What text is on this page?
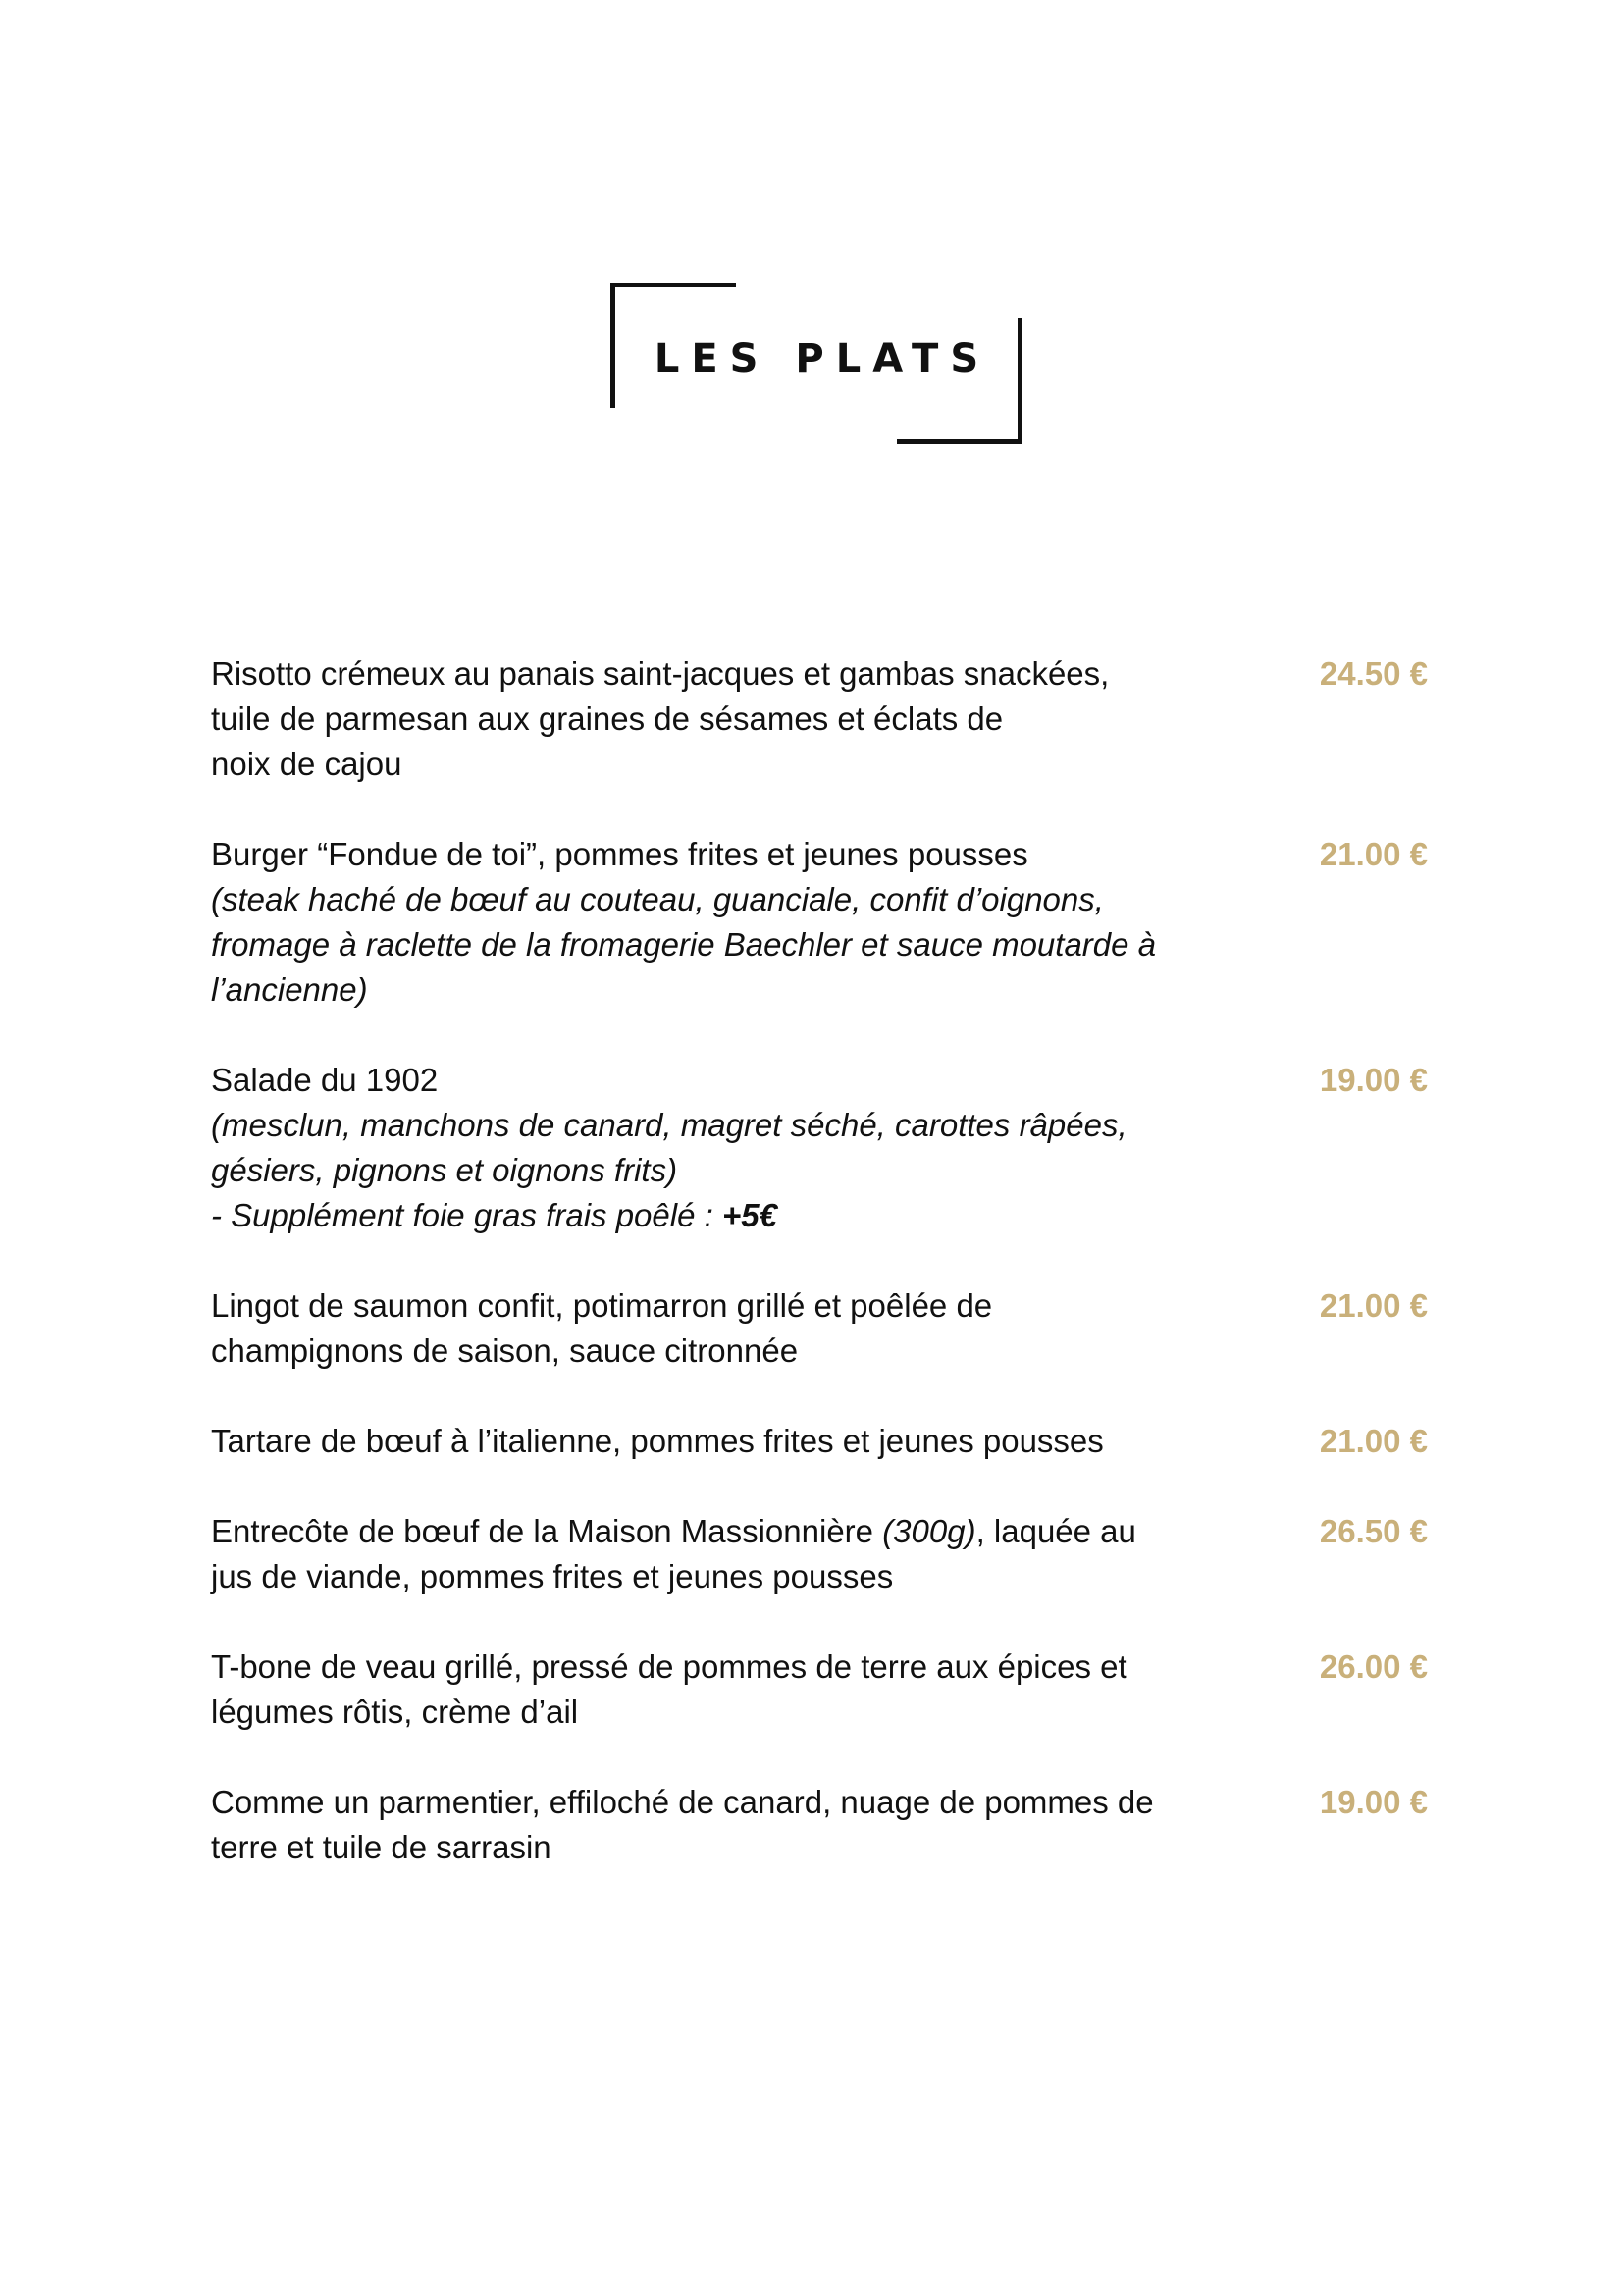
LES PLATS
Risotto crémeux au panais saint-jacques et gambas snackées,
tuile de parmesan aux graines de sésames et éclats de
noix de cajou
24.50 €
Burger “Fondue de toi”, pommes frites et jeunes pousses
(steak haché de bœuf au couteau, guanciale, confit d’oignons,
fromage à raclette de la fromagerie Baechler et sauce moutarde à
l’ancienne)
21.00 €
Salade du 1902
(mesclun, manchons de canard, magret séché, carottes râpées,
gésiers, pignons et oignons frits)
- Supplément foie gras frais poêlé : +5€
19.00 €
Lingot de saumon confit, potimarron grillé et poêlée de
champignons de saison, sauce citronnée
21.00 €
Tartare de bœuf à l’italienne, pommes frites et jeunes pousses	21.00 €
Entrecôte de bœuf de la Maison Massionnière (300g), laquée au
jus de viande, pommes frites et jeunes pousses
26.50 €
T-bone de veau grillé, pressé de pommes de terre aux épices et
légumes rôtis, crème d’ail
26.00 €
Comme un parmentier, effiloché de canard, nuage de pommes de
terre et tuile de sarrasin
19.00 €
